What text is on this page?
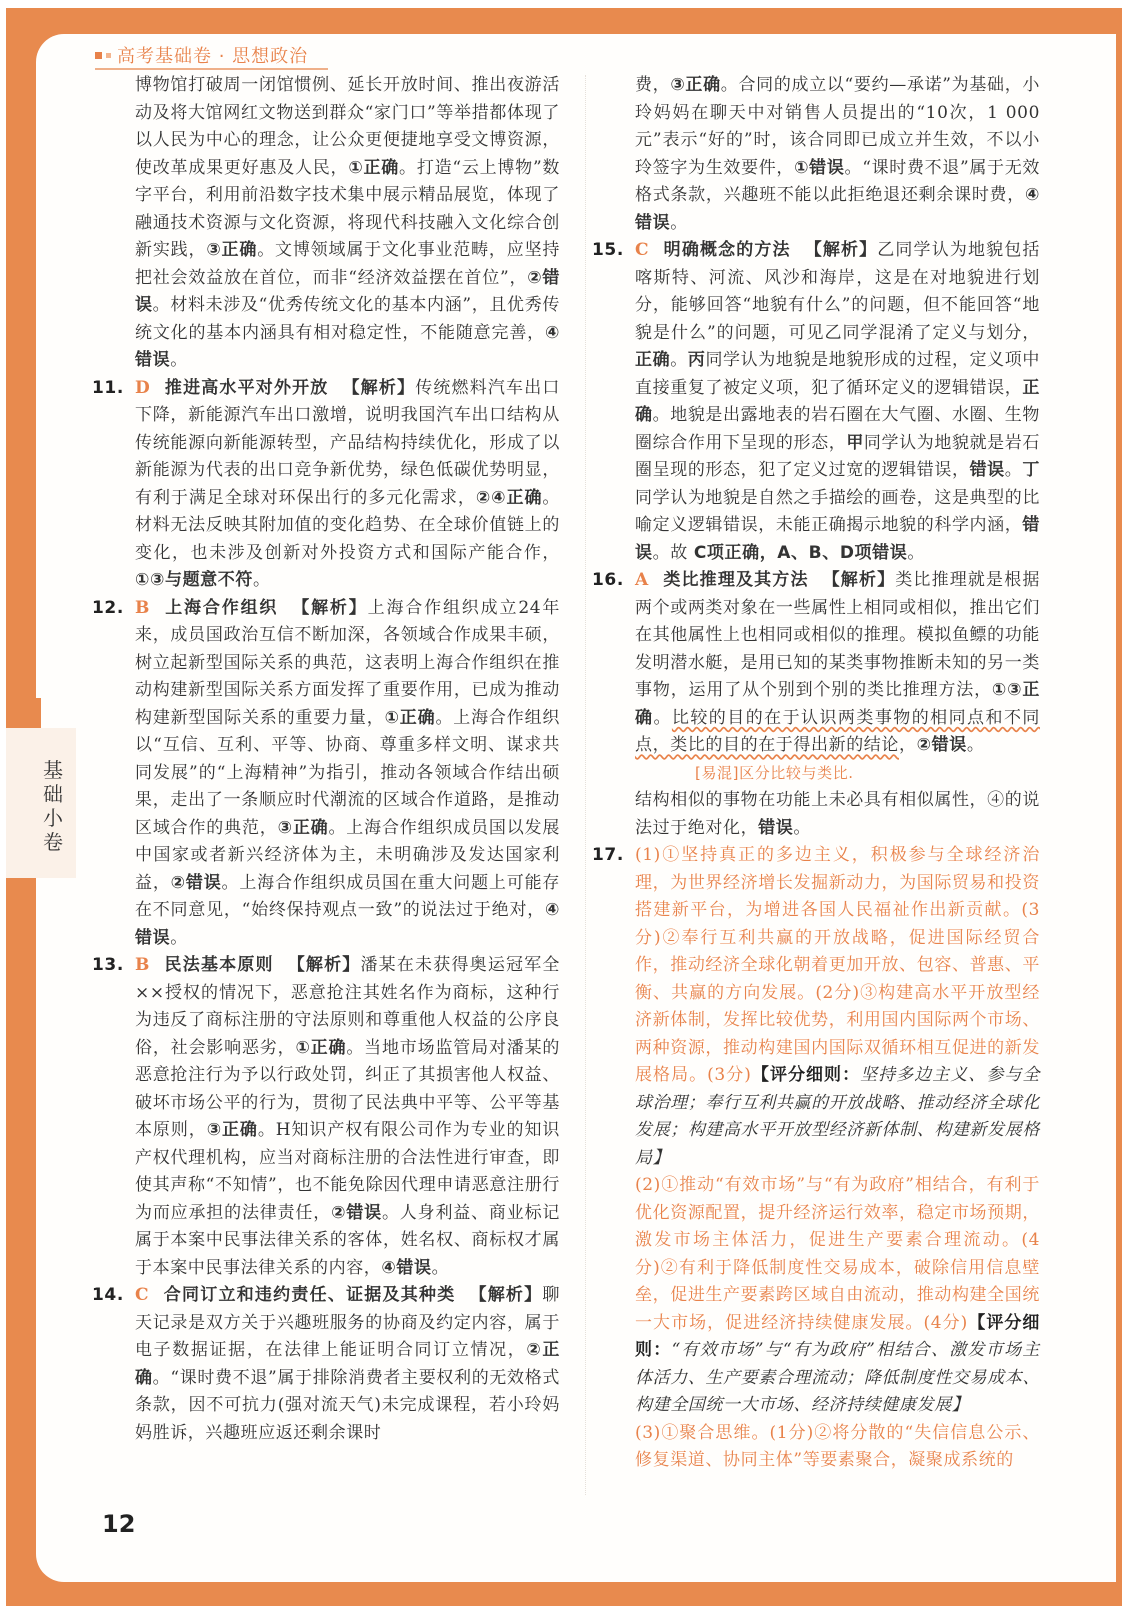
高考基础卷 · 思想政治
基础小卷

博物馆打破周一闭馆惯例、延长开放时间、推出夜游活动及将大馆网红文物送到群众“家门口”等举措都体现了以人民为中心的理念，让公众更便捷地享受文博资源，使改革成果更好惠及人民，①正确。打造“云上博物”数字平台，利用前沿数字技术集中展示精品展览，体现了融通技术资源与文化资源，将现代科技融入文化综合创新实践，③正确。文博领域属于文化事业范畴，应坚持把社会效益放在首位，而非“经济效益摆在首位”，②错误。材料未涉及“优秀传统文化的基本内涵”，且优秀传统文化的基本内涵具有相对稳定性，不能随意完善，④错误。

11. D 推进高水平对外开放 【解析】传统燃料汽车出口下降，新能源汽车出口激增，说明我国汽车出口结构从传统能源向新能源转型，产品结构持续优化，形成了以新能源为代表的出口竞争新优势，绿色低碳优势明显，有利于满足全球对环保出行的多元化需求，②④正确。材料无法反映其附加值的变化趋势、在全球价值链上的变化，也未涉及创新对外投资方式和国际产能合作，①③与题意不符。

12. B 上海合作组织 【解析】上海合作组织成立24年来，成员国政治互信不断加深，各领域合作成果丰硕，树立起新型国际关系的典范，这表明上海合作组织在推动构建新型国际关系方面发挥了重要作用，已成为推动构建新型国际关系的重要力量，①正确。上海合作组织以“互信、互利、平等、协商、尊重多样文明、谋求共同发展”的“上海精神”为指引，推动各领域合作结出硕果，走出了一条顺应时代潮流的区域合作道路，是推动区域合作的典范，③正确。上海合作组织成员国以发展中国家或者新兴经济体为主，未明确涉及发达国家利益，②错误。上海合作组织成员国在重大问题上可能存在不同意见，“始终保持观点一致”的说法过于绝对，④错误。

13. B 民法基本原则 【解析】潘某在未获得奥运冠军全××授权的情况下，恶意抢注其姓名作为商标，这种行为违反了商标注册的守法原则和尊重他人权益的公序良俗，社会影响恶劣，①正确。当地市场监管局对潘某的恶意抢注行为予以行政处罚，纠正了其损害他人权益、破坏市场公平的行为，贯彻了民法典中平等、公平等基本原则，③正确。H知识产权有限公司作为专业的知识产权代理机构，应当对商标注册的合法性进行审查，即使其声称“不知情”，也不能免除因代理申请恶意注册行为而应承担的法律责任，②错误。人身利益、商业标记属于本案中民事法律关系的客体，姓名权、商标权才属于本案中民事法律关系的内容，④错误。

14. C 合同订立和违约责任、证据及其种类 【解析】聊天记录是双方关于兴趣班服务的协商及约定内容，属于电子数据证据，在法律上能证明合同订立情况，②正确。“课时费不退”属于排除消费者主要权利的无效格式条款，因不可抗力(强对流天气)未完成课程，若小玲妈妈胜诉，兴趣班应返还剩余课时

费，③正确。合同的成立以“要约—承诺”为基础，小玲妈妈在聊天中对销售人员提出的“10次，1 000元”表示“好的”时，该合同即已成立并生效，不以小玲签字为生效要件，①错误。“课时费不退”属于无效格式条款，兴趣班不能以此拒绝退还剩余课时费，④错误。

15. C 明确概念的方法 【解析】乙同学认为地貌包括喀斯特、河流、风沙和海岸，这是在对地貌进行划分，能够回答“地貌有什么”的问题，但不能回答“地貌是什么”的问题，可见乙同学混淆了定义与划分，正确。丙同学认为地貌是地貌形成的过程，定义项中直接重复了被定义项，犯了循环定义的逻辑错误，正确。地貌是出露地表的岩石圈在大气圈、水圈、生物圈综合作用下呈现的形态，甲同学认为地貌就是岩石圈呈现的形态，犯了定义过宽的逻辑错误，错误。丁同学认为地貌是自然之手描绘的画卷，这是典型的比喻定义逻辑错误，未能正确揭示地貌的科学内涵，错误。故 C项正确，A、B、D项错误。

16. A 类比推理及其方法 【解析】类比推理就是根据两个或两类对象在一些属性上相同或相似，推出它们在其他属性上也相同或相似的推理。模拟鱼鳔的功能发明潜水艇，是用已知的某类事物推断未知的另一类事物，运用了从个别到个别的类比推理方法，①③正确。比较的目的在于认识两类事物的相同点和不同点，类比的目的在于得出新的结论，②错误。

[易混]区分比较与类比.

结构相似的事物在功能上未必具有相似属性，④的说法过于绝对化，错误。

17. (1)①坚持真正的多边主义，积极参与全球经济治理，为世界经济增长发掘新动力，为国际贸易和投资搭建新平台，为增进各国人民福祉作出新贡献。(3分)②奉行互利共赢的开放战略，促进国际经贸合作，推动经济全球化朝着更加开放、包容、普惠、平衡、共赢的方向发展。(2分)③构建高水平开放型经济新体制，发挥比较优势，利用国内国际两个市场、两种资源，推动构建国内国际双循环相互促进的新发展格局。(3分)【评分细则：坚持多边主义、参与全球治理；奉行互利共赢的开放战略、推动经济全球化发展；构建高水平开放型经济新体制、构建新发展格局】

(2)①推动“有效市场”与“有为政府”相结合，有利于优化资源配置，提升经济运行效率，稳定市场预期，激发市场主体活力，促进生产要素合理流动。(4分)②有利于降低制度性交易成本，破除信用信息壁垒，促进生产要素跨区域自由流动，推动构建全国统一大市场，促进经济持续健康发展。(4分)【评分细则：“有效市场”与“有为政府”相结合、激发市场主体活力、生产要素合理流动；降低制度性交易成本、构建全国统一大市场、经济持续健康发展】

(3)①聚合思维。(1分)②将分散的“失信信息公示、修复渠道、协同主体”等要素聚合，凝聚成系统的

12
